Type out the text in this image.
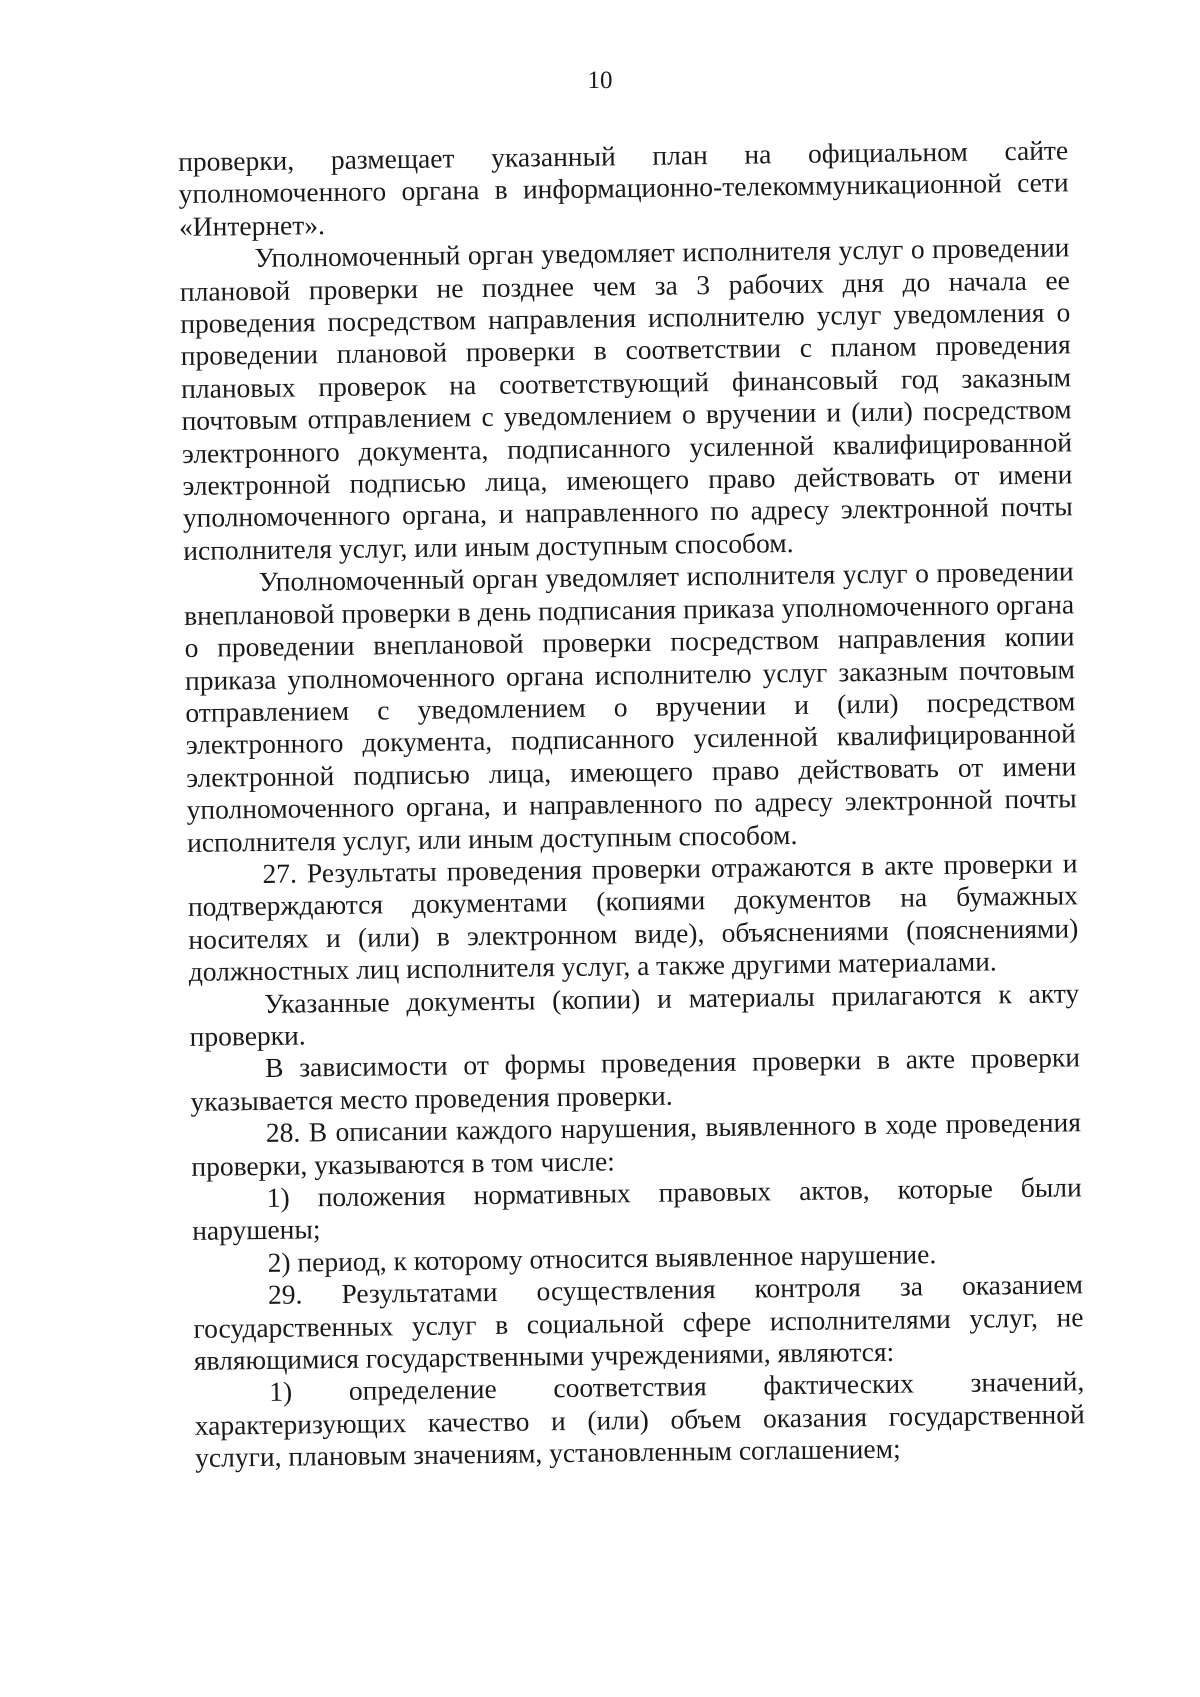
10

проверки, размещает указанный план на официальном сайте уполномоченного органа в информационно-телекоммуникационной сети «Интернет».

Уполномоченный орган уведомляет исполнителя услуг о проведении плановой проверки не позднее чем за 3 рабочих дня до начала ее проведения посредством направления исполнителю услуг уведомления о проведении плановой проверки в соответствии с планом проведения плановых проверок на соответствующий финансовый год заказным почтовым отправлением с уведомлением о вручении и (или) посредством электронного документа, подписанного усиленной квалифицированной электронной подписью лица, имеющего право действовать от имени уполномоченного органа, и направленного по адресу электронной почты исполнителя услуг, или иным доступным способом.

Уполномоченный орган уведомляет исполнителя услуг о проведении внеплановой проверки в день подписания приказа уполномоченного органа о проведении внеплановой проверки посредством направления копии приказа уполномоченного органа исполнителю услуг заказным почтовым отправлением с уведомлением о вручении и (или) посредством электронного документа, подписанного усиленной квалифицированной электронной подписью лица, имеющего право действовать от имени уполномоченного органа, и направленного по адресу электронной почты исполнителя услуг, или иным доступным способом.

27. Результаты проведения проверки отражаются в акте проверки и подтверждаются документами (копиями документов на бумажных носителях и (или) в электронном виде), объяснениями (пояснениями) должностных лиц исполнителя услуг, а также другими материалами.

Указанные документы (копии) и материалы прилагаются к акту проверки.

В зависимости от формы проведения проверки в акте проверки указывается место проведения проверки.

28. В описании каждого нарушения, выявленного в ходе проведения проверки, указываются в том числе:

1) положения нормативных правовых актов, которые были нарушены;

2) период, к которому относится выявленное нарушение.

29. Результатами осуществления контроля за оказанием государственных услуг в социальной сфере исполнителями услуг, не являющимися государственными учреждениями, являются:

1) определение соответствия фактических значений, характеризующих качество и (или) объем оказания государственной услуги, плановым значениям, установленным соглашением;
